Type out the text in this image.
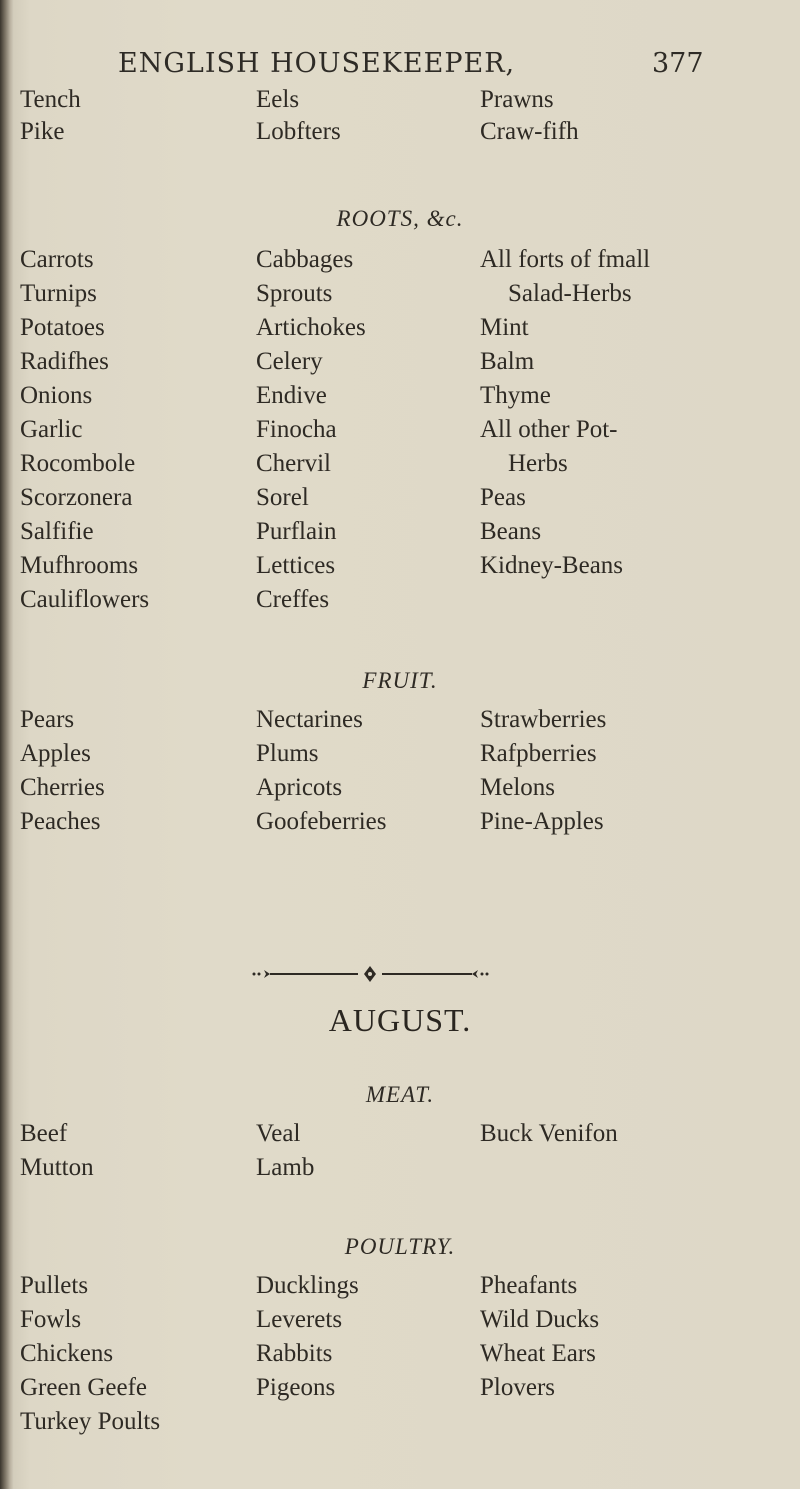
ENGLISH HOUSEKEEPER,	377
Tench	Eels	Prawns
Pike	Lobfters	Craw-fifh
ROOTS, &c.
Carrots	Cabbages	All forts of fmall
Turnips	Sprouts	Salad-Herbs
Potatoes	Artichokes	Mint
Radifhes	Celery	Balm
Onions	Endive	Thyme
Garlic	Finocha	All other Pot-
Rocombole	Chervil	Herbs
Scorzonera	Sorel	Peas
Salfifie	Purflain	Beans
Mufhrooms	Lettices	Kidney-Beans
Cauliflowers	Creffes
FRUIT.
Pears	Nectarines	Strawberries
Apples	Plums	Rafpberries
Cherries	Apricots	Melons
Peaches	Goofeberries	Pine-Apples
AUGUST.
MEAT.
Beef	Veal	Buck Venifon
Mutton	Lamb
POULTRY.
Pullets	Ducklings	Pheafants
Fowls	Leverets	Wild Ducks
Chickens	Rabbits	Wheat Ears
Green Geefe	Pigeons	Plovers
Turkey Poults
